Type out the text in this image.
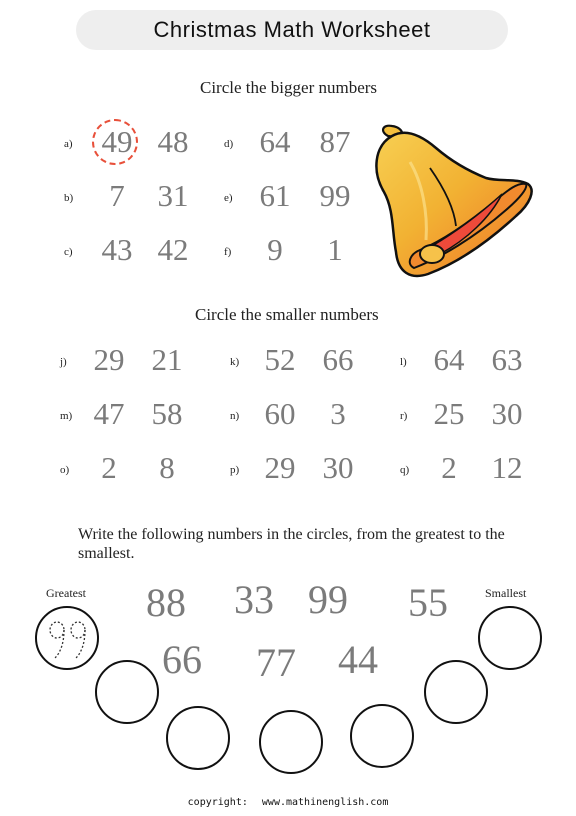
Christmas Math Worksheet
Circle the bigger numbers
a) 49 48
b)	7	31
c) 43 42
d) 64 87
e) 61 99
f)	9	1
Circle the smaller numbers
j) 29 21	k) 52 66	l) 64 63
m) 47 58	n) 60	3	r) 25 30
o)	2	8	p) 29 30	q)	2	12
Write the following numbers in the circles, from the greatest to the smallest.
88 33 99 55
66 77 44
Greatest	Smallest
copyright: www.mathinenglish.com
